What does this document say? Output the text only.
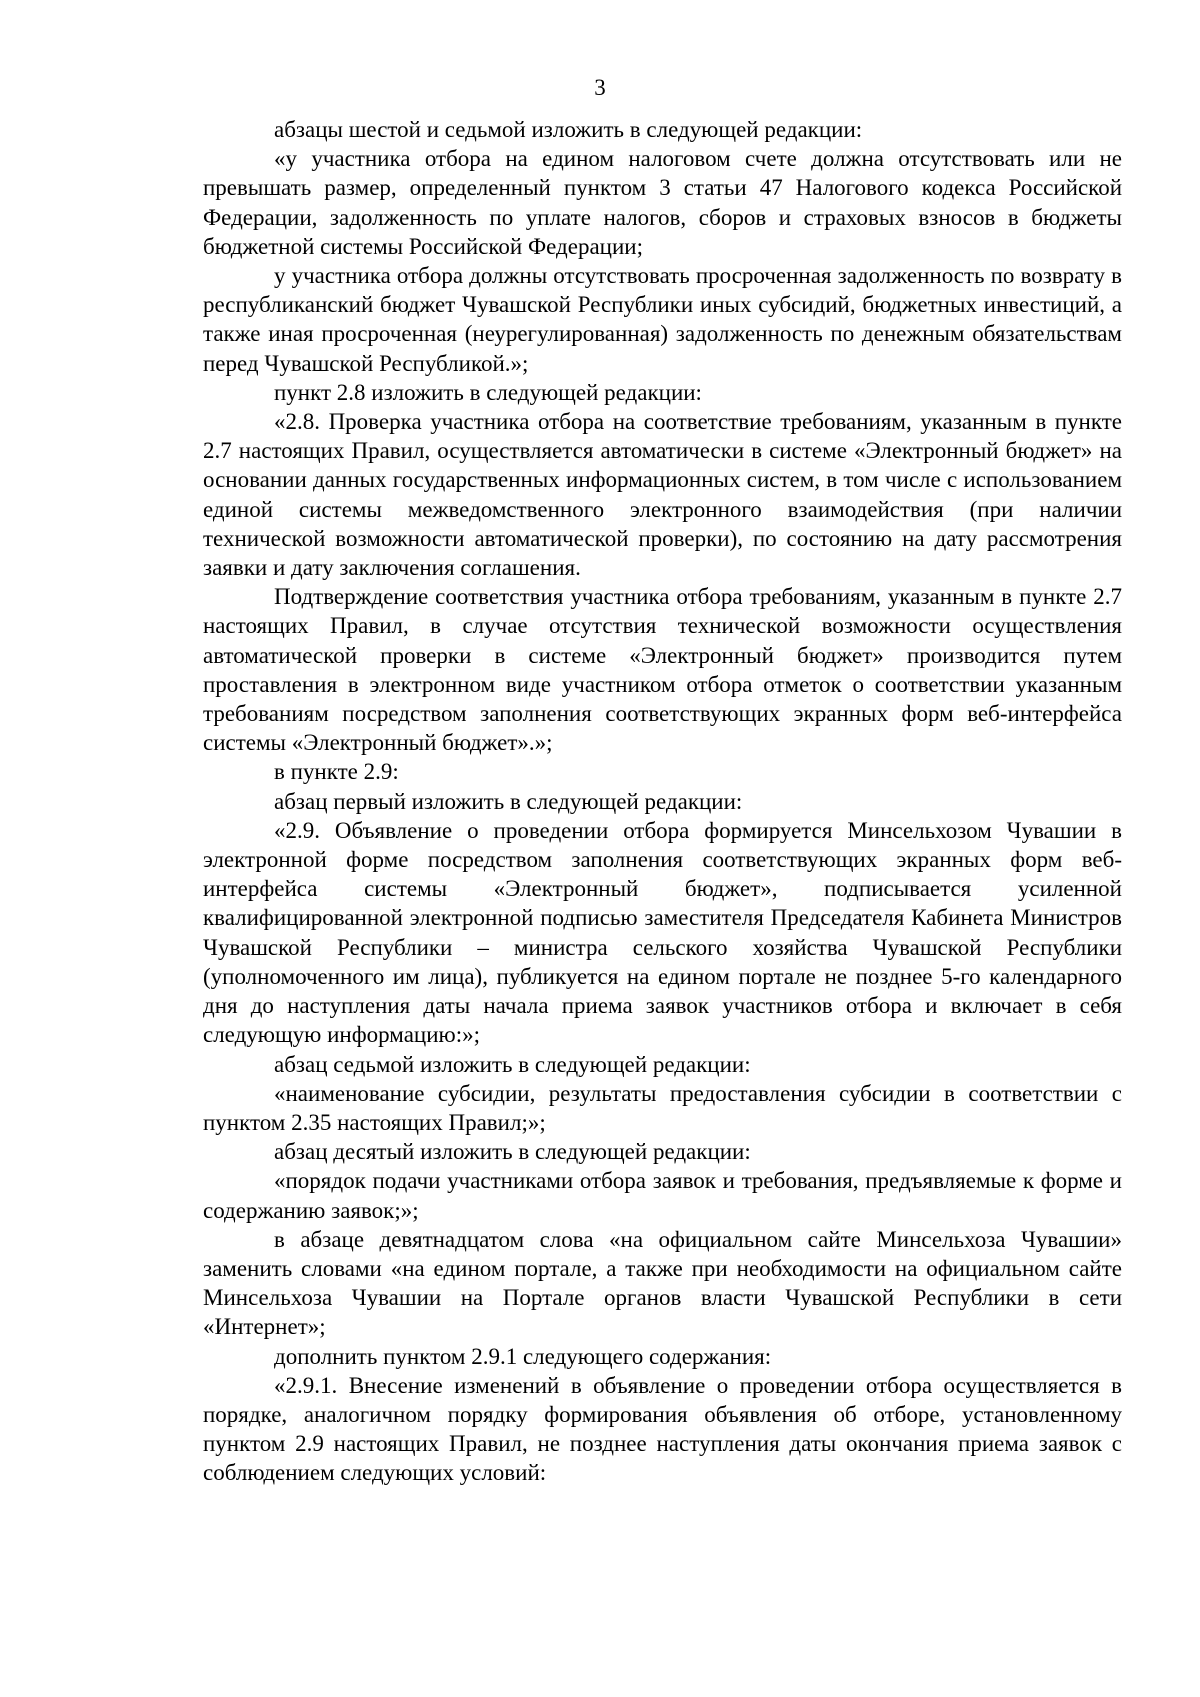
3

абзацы шестой и седьмой изложить в следующей редакции:

«у участника отбора на едином налоговом счете должна отсутствовать или не превышать размер, определенный пунктом 3 статьи 47 Налогового кодекса Российской Федерации, задолженность по уплате налогов, сборов и страховых взносов в бюджеты бюджетной системы Российской Федерации;

у участника отбора должны отсутствовать просроченная задолженность по возврату в республиканский бюджет Чувашской Республики иных субсидий, бюджетных инвестиций, а также иная просроченная (неурегулированная) задолженность по денежным обязательствам перед Чувашской Республикой.»;

пункт 2.8 изложить в следующей редакции:

«2.8. Проверка участника отбора на соответствие требованиям, указанным в пункте 2.7 настоящих Правил, осуществляется автоматически в системе «Электронный бюджет» на основании данных государственных информационных систем, в том числе с использованием единой системы межведомственного электронного взаимодействия (при наличии технической возможности автоматической проверки), по состоянию на дату рассмотрения заявки и дату заключения соглашения.

Подтверждение соответствия участника отбора требованиям, указанным в пункте 2.7 настоящих Правил, в случае отсутствия технической возможности осуществления автоматической проверки в системе «Электронный бюджет» производится путем проставления в электронном виде участником отбора отметок о соответствии указанным требованиям посредством заполнения соответствующих экранных форм веб-интерфейса системы «Электронный бюджет».»;

в пункте 2.9:

абзац первый изложить в следующей редакции:

«2.9. Объявление о проведении отбора формируется Минсельхозом Чувашии в электронной форме посредством заполнения соответствующих экранных форм веб-интерфейса системы «Электронный бюджет», подписывается усиленной квалифицированной электронной подписью заместителя Председателя Кабинета Министров Чувашской Республики – министра сельского хозяйства Чувашской Республики (уполномоченного им лица), публикуется на едином портале не позднее 5-го календарного дня до наступления даты начала приема заявок участников отбора и включает в себя следующую информацию:»;

абзац седьмой изложить в следующей редакции:

«наименование субсидии, результаты предоставления субсидии в соответствии с пунктом 2.35 настоящих Правил;»;

абзац десятый изложить в следующей редакции:

«порядок подачи участниками отбора заявок и требования, предъявляемые к форме и содержанию заявок;»;

в абзаце девятнадцатом слова «на официальном сайте Минсельхоза Чувашии» заменить словами «на едином портале, а также при необходимости на официальном сайте Минсельхоза Чувашии на Портале органов власти Чувашской Республики в сети «Интернет»;

дополнить пунктом 2.9.1 следующего содержания:

«2.9.1. Внесение изменений в объявление о проведении отбора осуществляется в порядке, аналогичном порядку формирования объявления об отборе, установленному пунктом 2.9 настоящих Правил, не позднее наступления даты окончания приема заявок с соблюдением следующих условий:
